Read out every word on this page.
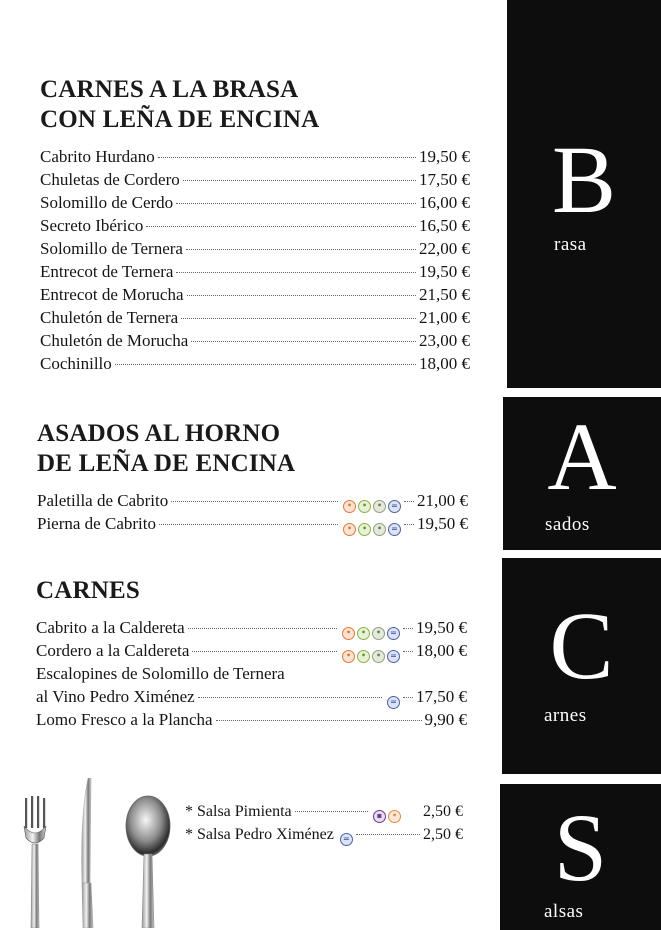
CARNES A LA BRASA
CON LEÑA DE ENCINA
Cabrito Hurdano	19,50 €
Chuletas de Cordero	17,50 €
Solomillo de Cerdo	16,00 €
Secreto Ibérico	16,50 €
Solomillo de Ternera	22,00 €
Entrecot de Ternera	19,50 €
Entrecot de Morucha	21,50 €
Chuletón de Ternera	21,00 €
Chuletón de Morucha	23,00 €
Cochinillo	18,00 €
ASADOS AL HORNO
DE LEÑA DE ENCINA
Paletilla de Cabrito	•	•	•	= 21,00 €
Pierna de Cabrito	•	•	•	= 19,50 €
CARNES
Cabrito a la Caldereta	•	•	•	= 19,50 €
Cordero a la Caldereta	•	•	•	= 18,00 €
Escalopines de Solomillo de Ternera
al Vino Pedro Ximénez	= 17,50 €
Lomo Fresco a la Plancha	9,90 €
* Salsa Pimienta	▪	• 2,50 €
* Salsa Pedro Ximénez	=	2,50 €
B
rasa
A
sados
C
arnes
S
alsas
